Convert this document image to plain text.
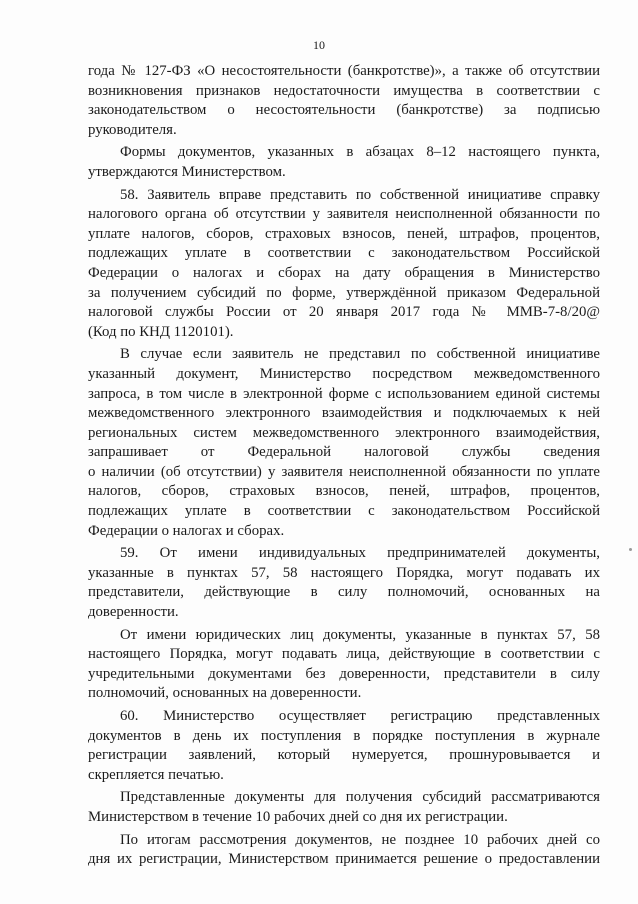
10
года № 127-ФЗ «О несостоятельности (банкротстве)», а также об отсутствии
возникновения признаков недостаточности имущества в соответствии с
законодательством о несостоятельности (банкротстве) за подписью
руководителя.
Формы документов, указанных в абзацах 8–12 настоящего пункта,
утверждаются Министерством.
58. Заявитель вправе представить по собственной инициативе справку
налогового органа об отсутствии у заявителя неисполненной обязанности по
уплате налогов, сборов, страховых взносов, пеней, штрафов, процентов,
подлежащих уплате в соответствии с законодательством Российской
Федерации о налогах и сборах на дату обращения в Министерство
за получением субсидий по форме, утверждённой приказом Федеральной
налоговой службы России от 20 января 2017 года № ММВ-7-8/20@
(Код по КНД 1120101).
В случае если заявитель не представил по собственной инициативе
указанный документ, Министерство посредством межведомственного
запроса, в том числе в электронной форме с использованием единой системы
межведомственного электронного взаимодействия и подключаемых к ней
региональных систем межведомственного электронного взаимодействия,
запрашивает от Федеральной налоговой службы сведения
о наличии (об отсутствии) у заявителя неисполненной обязанности по уплате
налогов, сборов, страховых взносов, пеней, штрафов, процентов,
подлежащих уплате в соответствии с законодательством Российской
Федерации о налогах и сборах.
59. От имени индивидуальных предпринимателей документы,
указанные в пунктах 57, 58 настоящего Порядка, могут подавать их
представители, действующие в силу полномочий, основанных на
доверенности.
От имени юридических лиц документы, указанные в пунктах 57, 58
настоящего Порядка, могут подавать лица, действующие в соответствии с
учредительными документами без доверенности, представители в силу
полномочий, основанных на доверенности.
60. Министерство осуществляет регистрацию представленных
документов в день их поступления в порядке поступления в журнале
регистрации заявлений, который нумеруется, прошнуровывается и
скрепляется печатью.
Представленные документы для получения субсидий рассматриваются
Министерством в течение 10 рабочих дней со дня их регистрации.
По итогам рассмотрения документов, не позднее 10 рабочих дней со
дня их регистрации, Министерством принимается решение о предоставлении
